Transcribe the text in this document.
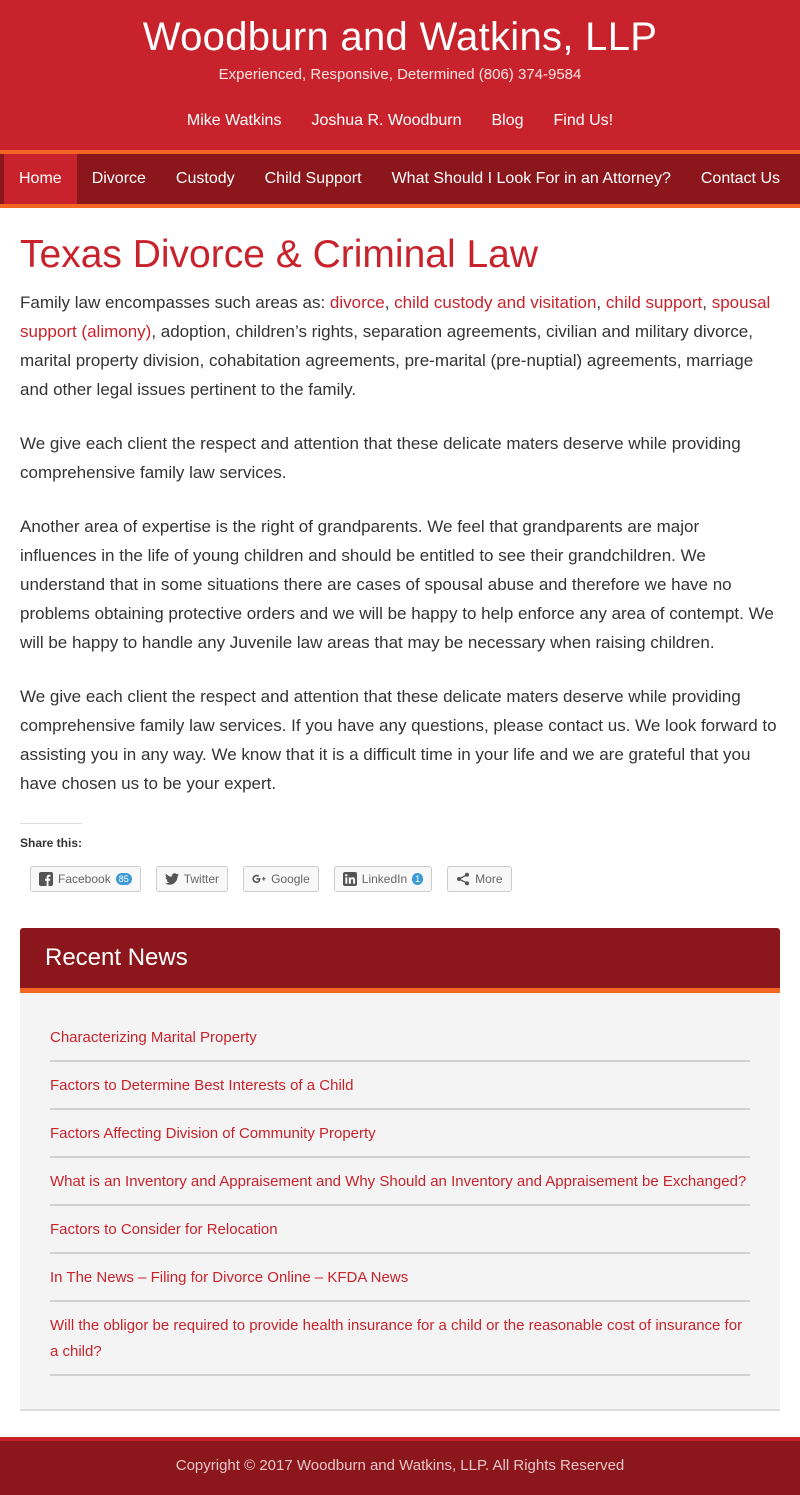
Woodburn and Watkins, LLP

Experienced, Responsive, Determined (806) 374-9584

Mike Watkins Joshua R. Woodburn Blog Find Us!
Home	Divorce	Custody	Child Support	What Should I Look For in an Attorney?	Contact Us
Texas Divorce & Criminal Law

Family law encompasses such areas as: divorce, child custody and visitation, child support, spousal support (alimony), adoption, children’s rights, separation agreements, civilian and military divorce, marital property division, cohabitation agreements, pre-marital (pre-nuptial) agreements, marriage and other legal issues pertinent to the family.

We give each client the respect and attention that these delicate maters deserve while providing comprehensive family law services.

Another area of expertise is the right of grandparents. We feel that grandparents are major influences in the life of young children and should be entitled to see their grandchildren. We understand that in some situations there are cases of spousal abuse and therefore we have no problems obtaining protective orders and we will be happy to help enforce any area of contempt. We will be happy to handle any Juvenile law areas that may be necessary when raising children.

We give each client the respect and attention that these delicate maters deserve while providing comprehensive family law services. If you have any questions, please contact us. We look forward to assisting you in any way. We know that it is a difficult time in your life and we are grateful that you have chosen us to be your expert.

Share this:
Facebook 85	Twitter	Google	LinkedIn 1	More
Recent News
Characterizing Marital Property
Factors to Determine Best Interests of a Child
Factors Affecting Division of Community Property
What is an Inventory and Appraisement and Why Should an Inventory and Appraisement be Exchanged?
Factors to Consider for Relocation
In The News – Filing for Divorce Online – KFDA News
Will the obligor be required to provide health insurance for a child or the reasonable cost of insurance for a child?

Copyright © 2017 Woodburn and Watkins, LLP. All Rights Reserved
